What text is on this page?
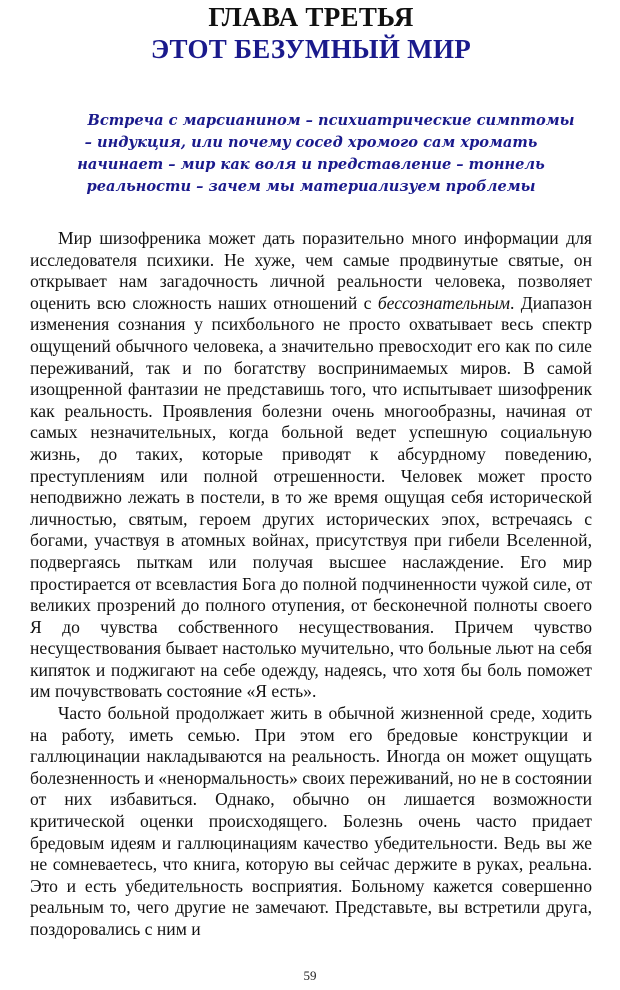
ГЛАВА ТРЕТЬЯ
ЭТОТ БЕЗУМНЫЙ МИР
Встреча с марсианином – психиатрические симптомы – индукция, или почему сосед хромого сам хромать начинает – мир как воля и представление – тоннель реальности – зачем мы материализуем проблемы

Мир шизофреника может дать поразительно много информации для исследователя психики. Не хуже, чем самые продвинутые святые, он открывает нам загадочность личной реальности человека, позволяет оценить всю сложность наших отношений с бессознательным. Диапазон изменения сознания у психбольного не просто охватывает весь спектр ощущений обычного человека, а значительно превосходит его как по силе переживаний, так и по богатству воспринимаемых миров. В самой изощренной фантазии не представишь того, что испытывает шизофреник как реальность. Проявления болезни очень многообразны, начиная от самых незначительных, когда больной ведет успешную социальную жизнь, до таких, которые приводят к абсурдному поведению, преступлениям или полной отрешенности. Человек может просто неподвижно лежать в постели, в то же время ощущая себя исторической личностью, святым, героем других исторических эпох, встречаясь с богами, участвуя в атомных войнах, присутствуя при гибели Вселенной, подвергаясь пыткам или получая высшее наслаждение. Его мир простирается от всевластия Бога до полной подчиненности чужой силе, от великих прозрений до полного отупения, от бесконечной полноты своего Я до чувства собственного несуществования. Причем чувство несуществования бывает настолько мучительно, что больные льют на себя кипяток и поджигают на себе одежду, надеясь, что хотя бы боль поможет им почувствовать состояние «Я есть».

Часто больной продолжает жить в обычной жизненной среде, ходить на работу, иметь семью. При этом его бредовые конструкции и галлюцинации накладываются на реальность. Иногда он может ощущать болезненность и «ненормальность» своих переживаний, но не в состоянии от них избавиться. Однако, обычно он лишается возможности критической оценки происходящего. Болезнь очень часто придает бредовым идеям и галлюцинациям качество убедительности. Ведь вы же не сомневаетесь, что книга, которую вы сейчас держите в руках, реальна. Это и есть убедительность восприятия. Больному кажется совершенно реальным то, чего другие не замечают. Представьте, вы встретили друга, поздоровались с ним и

59
